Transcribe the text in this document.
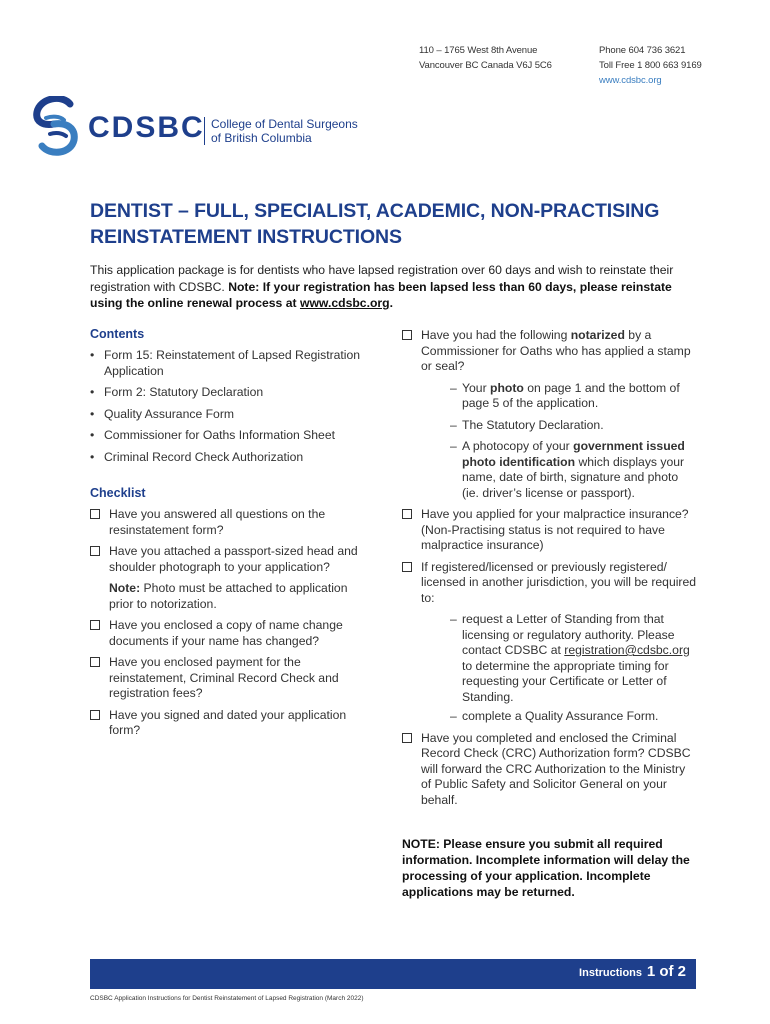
110 – 1765 West 8th Avenue
Vancouver BC Canada V6J 5C6
Phone 604 736 3621
Toll Free 1 800 663 9169
www.cdsbc.org
CDSBC College of Dental Surgeons
of British Columbia
DENTIST – FULL, SPECIALIST, ACADEMIC, NON-PRACTISING
REINSTATEMENT INSTRUCTIONS
This application package is for dentists who have lapsed registration over 60 days and wish to reinstate their registration with CDSBC. Note: If your registration has been lapsed less than 60 days, please reinstate using the online renewal process at www.cdsbc.org.
Contents
• Form 15: Reinstatement of Lapsed Registration Application
• Form 2: Statutory Declaration
• Quality Assurance Form
• Commissioner for Oaths Information Sheet
• Criminal Record Check Authorization
Checklist
Have you answered all questions on the resinstatement form?
Have you attached a passport-sized head and shoulder photograph to your application?
Note: Photo must be attached to application prior to notorization.
Have you enclosed a copy of name change documents if your name has changed?
Have you enclosed payment for the reinstatement, Criminal Record Check and registration fees?
Have you signed and dated your application form?
Have you had the following notarized by a Commissioner for Oaths who has applied a stamp or seal?
– Your photo on page 1 and the bottom of page 5 of the application.
– The Statutory Declaration.
– A photocopy of your government issued photo identification which displays your name, date of birth, signature and photo (ie. driver’s license or passport).
Have you applied for your malpractice insurance? (Non-Practising status is not required to have malpractice insurance)
If registered/licensed or previously registered/ licensed in another jurisdiction, you will be required to:
– request a Letter of Standing from that licensing or regulatory authority. Please contact CDSBC at registration@cdsbc.org to determine the appropriate timing for requesting your Certificate or Letter of Standing.
– complete a Quality Assurance Form.
Have you completed and enclosed the Criminal Record Check (CRC) Authorization form? CDSBC will forward the CRC Authorization to the Ministry of Public Safety and Solicitor General on your behalf.
NOTE: Please ensure you submit all required information. Incomplete information will delay the processing of your application. Incomplete applications may be returned.
Instructions 1 of 2
CDSBC Application Instructions for Dentist Reinstatement of Lapsed Registration (March 2022)
